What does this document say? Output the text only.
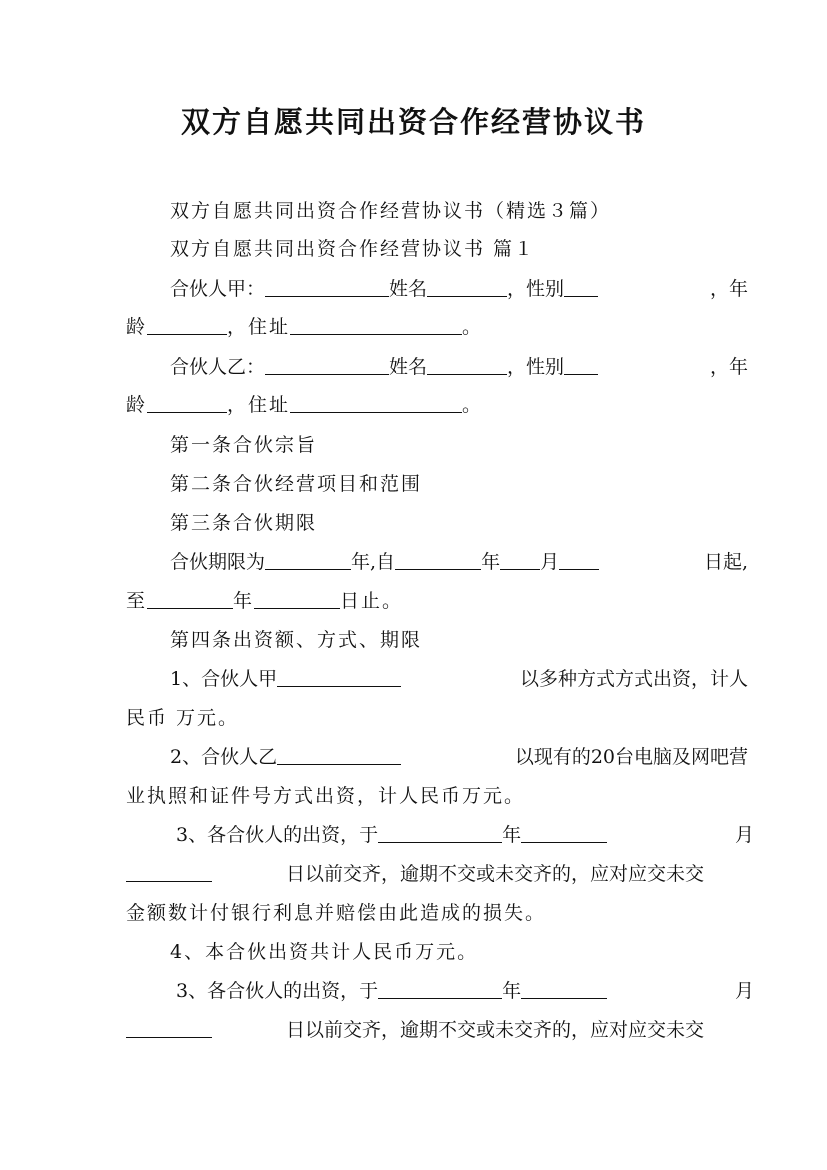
双方自愿共同出资合作经营协议书
双方自愿共同出资合作经营协议书（精选３篇）
双方自愿共同出资合作经营协议书 篇１
合伙人甲：	姓名	，性别	，年
龄	，住址	。
合伙人乙：	姓名	，性别	，年
龄	，住址	。
第一条合伙宗旨
第二条合伙经营项目和范围
第三条合伙期限
合伙期限为	年,自	年 月	日起,
至	年	日止。
第四条出资额、方式、期限
1、合伙人甲	以多种方式方式出资，计人
民币 万元。
2、合伙人乙	以现有的20台电脑及网吧营
业执照和证件号方式出资，计人民币万元。
3、各合伙人的出资，于	年	月
日以前交齐，逾期不交或未交齐的，应对应交未交
金额数计付银行利息并赔偿由此造成的损失。
4、本合伙出资共计人民币万元。
3、各合伙人的出资，于	年	月
日以前交齐，逾期不交或未交齐的，应对应交未交
